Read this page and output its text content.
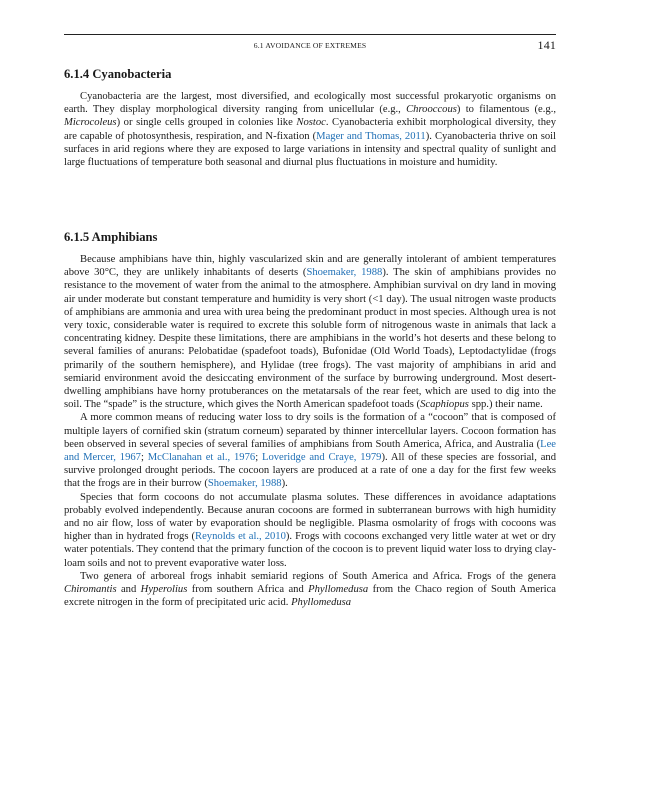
6.1 AVOIDANCE OF EXTREMES	141
6.1.4 Cyanobacteria

Cyanobacteria are the largest, most diversified, and ecologically most successful prokaryotic organisms on earth. They display morphological diversity ranging from unicellular (e.g., Chrooccous) to filamentous (e.g., Microcoleus) or single cells grouped in colonies like Nostoc. Cyanobacteria exhibit morphological diversity, they are capable of photosynthesis, respiration, and N-fixation (Mager and Thomas, 2011). Cyanobacteria thrive on soil surfaces in arid regions where they are exposed to large variations in intensity and spectral quality of sunlight and large fluctuations of temperature both seasonal and diurnal plus fluctuations in moisture and humidity.

6.1.5 Amphibians

Because amphibians have thin, highly vascularized skin and are generally intolerant of ambient temperatures above 30°C, they are unlikely inhabitants of deserts (Shoemaker, 1988). The skin of amphibians provides no resistance to the movement of water from the animal to the atmosphere. Amphibian survival on dry land in moving air under moderate but constant temperature and humidity is very short (<1 day). The usual nitrogen waste products of amphibians are ammonia and urea with urea being the predominant product in most species. Although urea is not very toxic, considerable water is required to excrete this soluble form of nitrogenous waste in animals that lack a concentrating kidney. Despite these limitations, there are amphibians in the world’s hot deserts and these belong to several families of anurans: Pelobatidae (spadefoot toads), Bufonidae (Old World Toads), Leptodactylidae (frogs primarily of the southern hemisphere), and Hylidae (tree frogs). The vast majority of amphibians in arid and semiarid environment avoid the desiccating environment of the surface by burrowing underground. Most desert-dwelling amphibians have horny protuberances on the metatarsals of the rear feet, which are used to dig into the soil. The “spade” is the structure, which gives the North American spadefoot toads (Scaphiopus spp.) their name.

A more common means of reducing water loss to dry soils is the formation of a “cocoon” that is composed of multiple layers of cornified skin (stratum corneum) separated by thinner intercellular layers. Cocoon formation has been observed in several species of several families of amphibians from South America, Africa, and Australia (Lee and Mercer, 1967; McClanahan et al., 1976; Loveridge and Craye, 1979). All of these species are fossorial, and survive prolonged drought periods. The cocoon layers are produced at a rate of one a day for the first few weeks that the frogs are in their burrow (Shoemaker, 1988).

Species that form cocoons do not accumulate plasma solutes. These differences in avoidance adaptations probably evolved independently. Because anuran cocoons are formed in subterranean burrows with high humidity and no air flow, loss of water by evaporation should be negligible. Plasma osmolarity of frogs with cocoons was higher than in hydrated frogs (Reynolds et al., 2010). Frogs with cocoons exchanged very little water at wet or dry water potentials. They contend that the primary function of the cocoon is to prevent liquid water loss to drying clay-loam soils and not to prevent evaporative water loss.

Two genera of arboreal frogs inhabit semiarid regions of South America and Africa. Frogs of the genera Chiromantis and Hyperolius from southern Africa and Phyllomedusa from the Chaco region of South America excrete nitrogen in the form of precipitated uric acid. Phyllomedusa
